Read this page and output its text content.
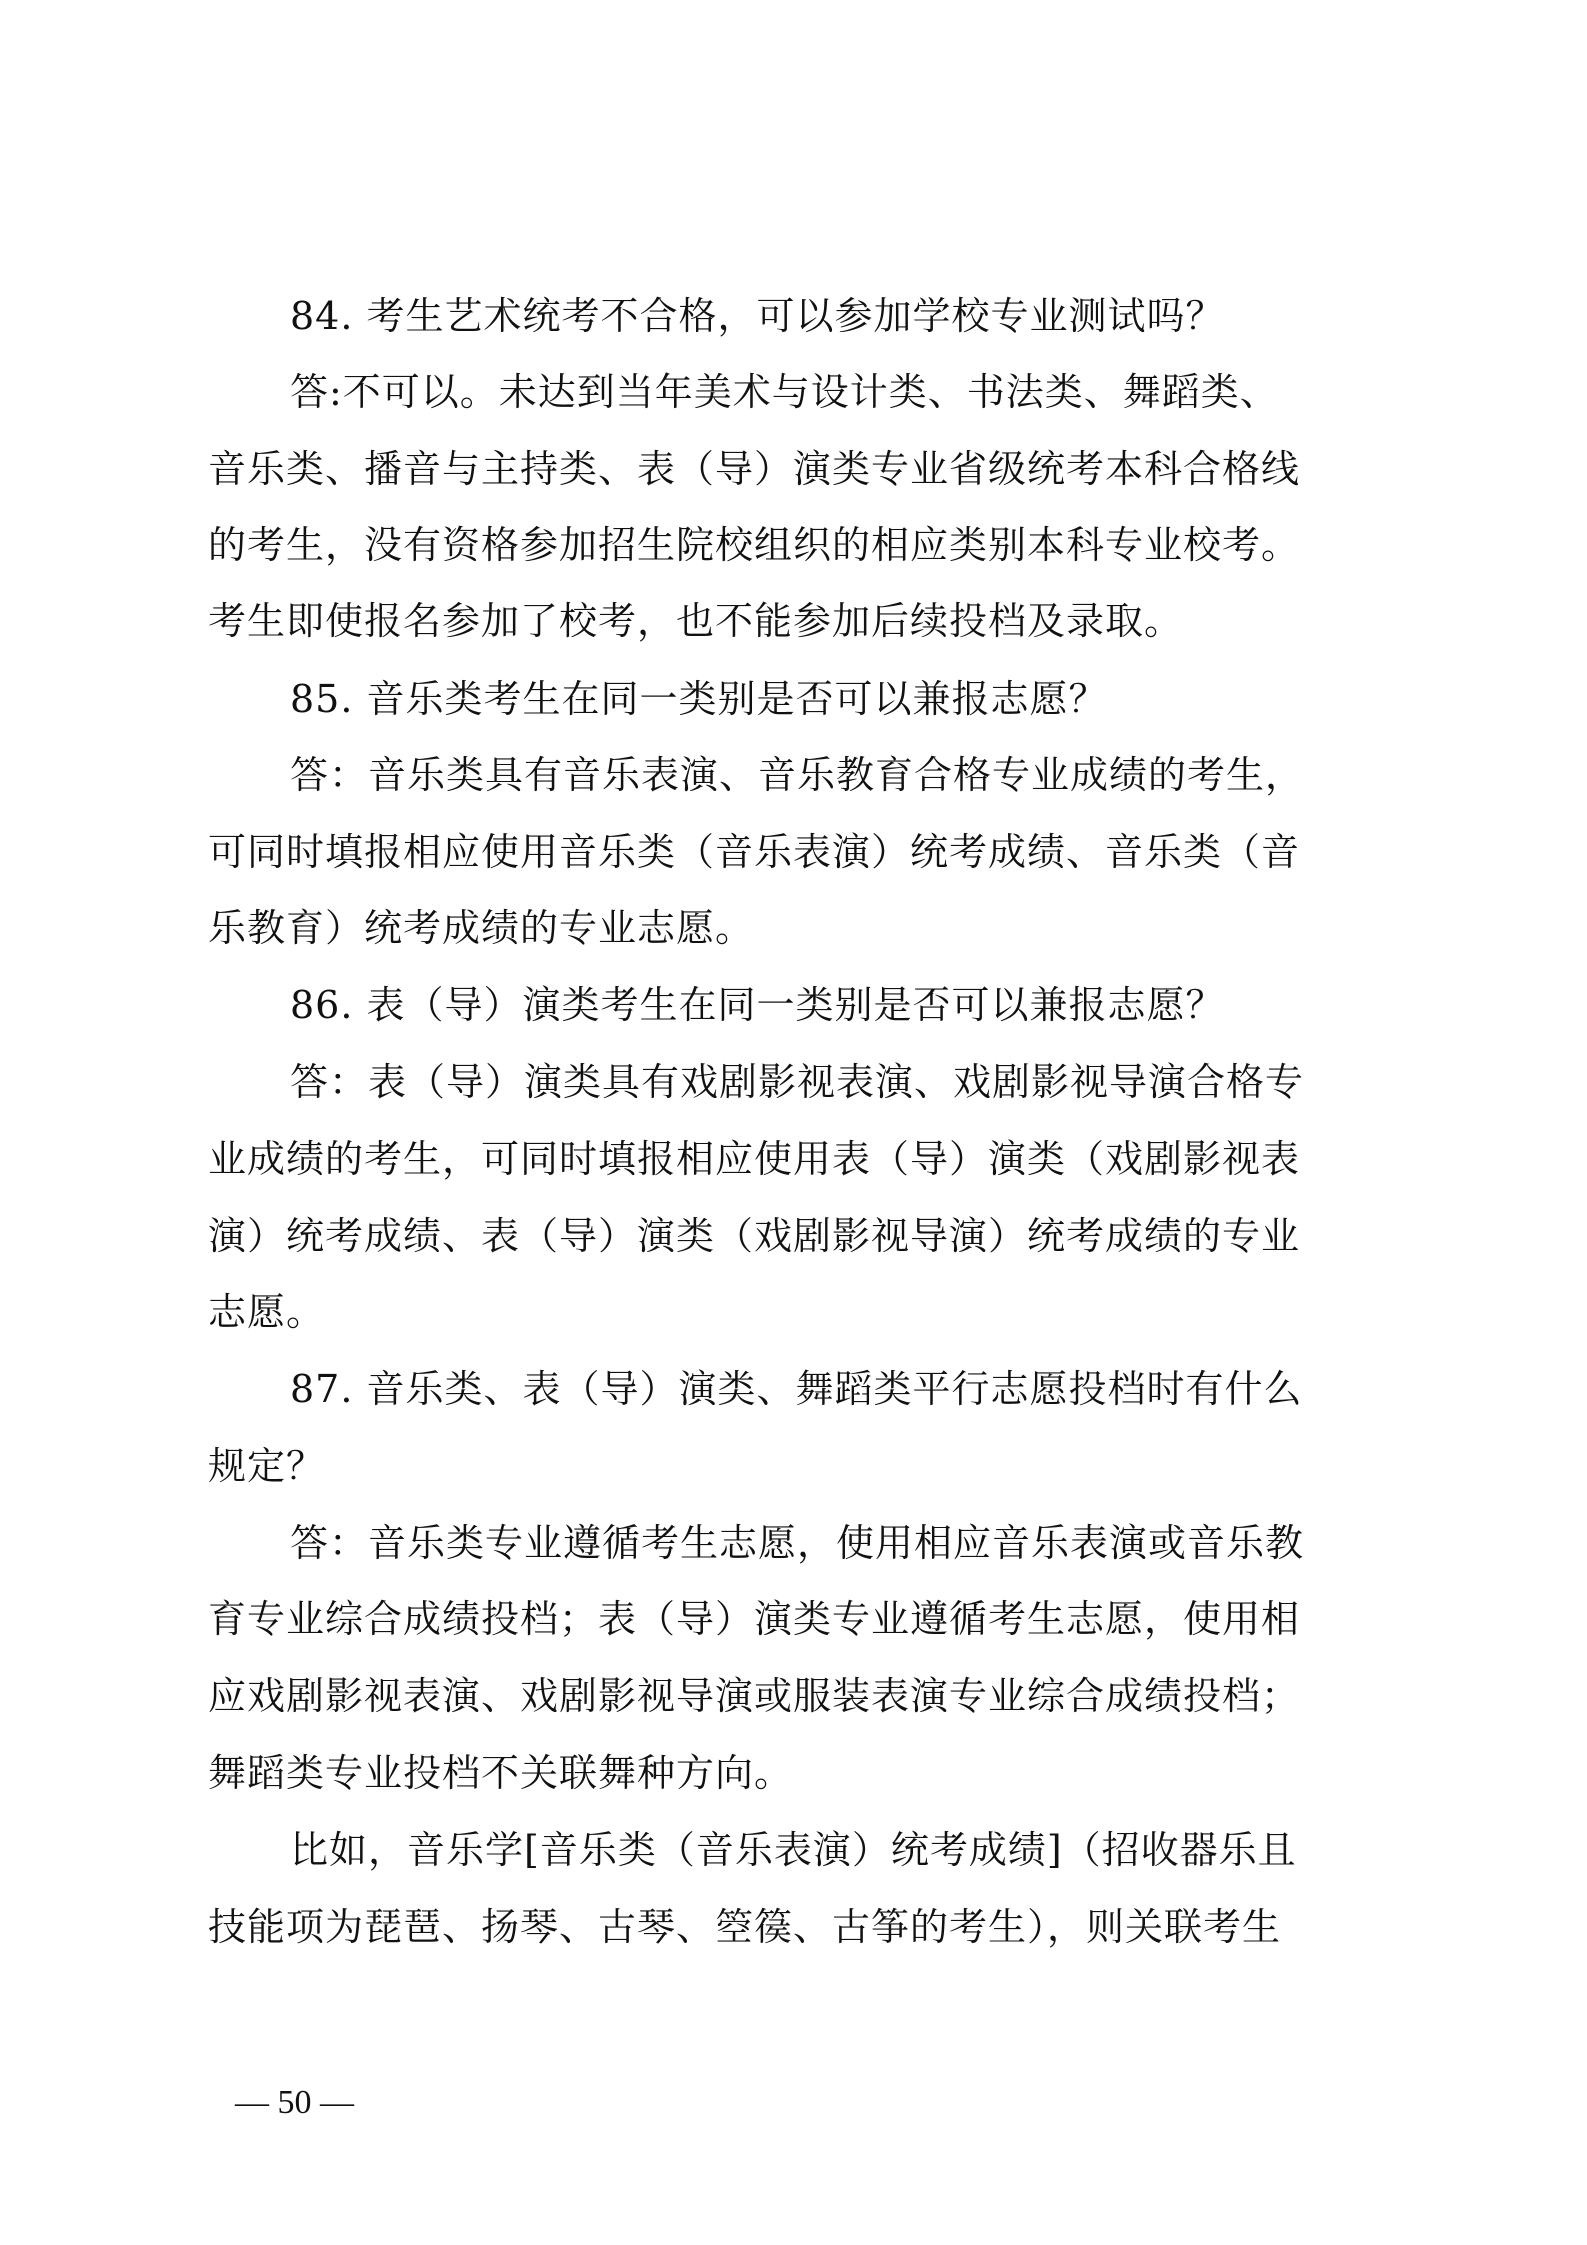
84. 考生艺术统考不合格，可以参加学校专业测试吗？
答:不可以。未达到当年美术与设计类、书法类、舞蹈类、
音乐类、播音与主持类、表（导）演类专业省级统考本科合格线
的考生，没有资格参加招生院校组织的相应类别本科专业校考。
考生即使报名参加了校考，也不能参加后续投档及录取。
85. 音乐类考生在同一类别是否可以兼报志愿？
答：音乐类具有音乐表演、音乐教育合格专业成绩的考生，
可同时填报相应使用音乐类（音乐表演）统考成绩、音乐类（音
乐教育）统考成绩的专业志愿。
86. 表（导）演类考生在同一类别是否可以兼报志愿？
答：表（导）演类具有戏剧影视表演、戏剧影视导演合格专
业成绩的考生，可同时填报相应使用表（导）演类（戏剧影视表
演）统考成绩、表（导）演类（戏剧影视导演）统考成绩的专业
志愿。
87. 音乐类、表（导）演类、舞蹈类平行志愿投档时有什么
规定？
答：音乐类专业遵循考生志愿，使用相应音乐表演或音乐教
育专业综合成绩投档；表（导）演类专业遵循考生志愿，使用相
应戏剧影视表演、戏剧影视导演或服装表演专业综合成绩投档；
舞蹈类专业投档不关联舞种方向。
比如，音乐学[音乐类（音乐表演）统考成绩]（招收器乐且
技能项为琵琶、扬琴、古琴、箜篌、古筝的考生），则关联考生
— 50 —
